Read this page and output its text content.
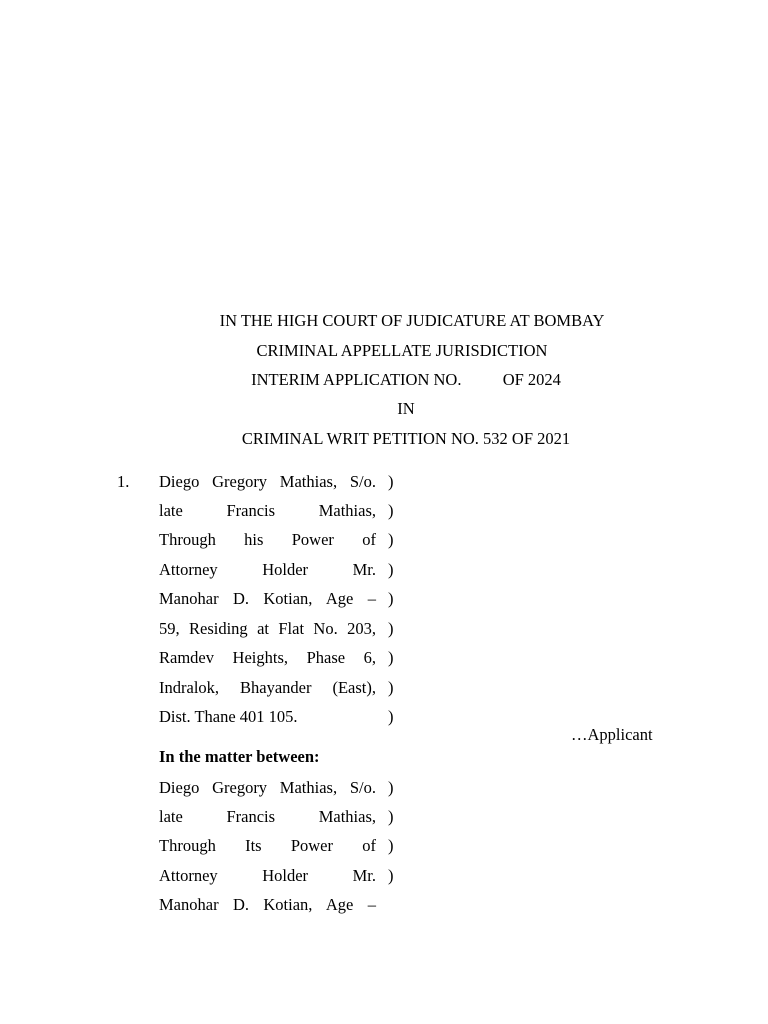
IN THE HIGH COURT OF JUDICATURE AT BOMBAY
CRIMINAL APPELLATE JURISDICTION
INTERIM APPLICATION NO.          OF 2024
IN
CRIMINAL WRIT PETITION NO. 532 OF 2021
1. Diego Gregory Mathias, S/o.
late Francis Mathias,
Through his Power of
Attorney Holder Mr.
Manohar D. Kotian, Age –
59, Residing at Flat No. 203,
Ramdev Heights, Phase 6,
Indralok, Bhayander (East),
Dist. Thane 401 105.
)
)
)
)
)
)
)
)
)
…Applicant
In the matter between:
Diego Gregory Mathias, S/o.
late Francis Mathias,
Through Its Power of
Attorney Holder Mr.
Manohar D. Kotian, Age –
)
)
)
)
